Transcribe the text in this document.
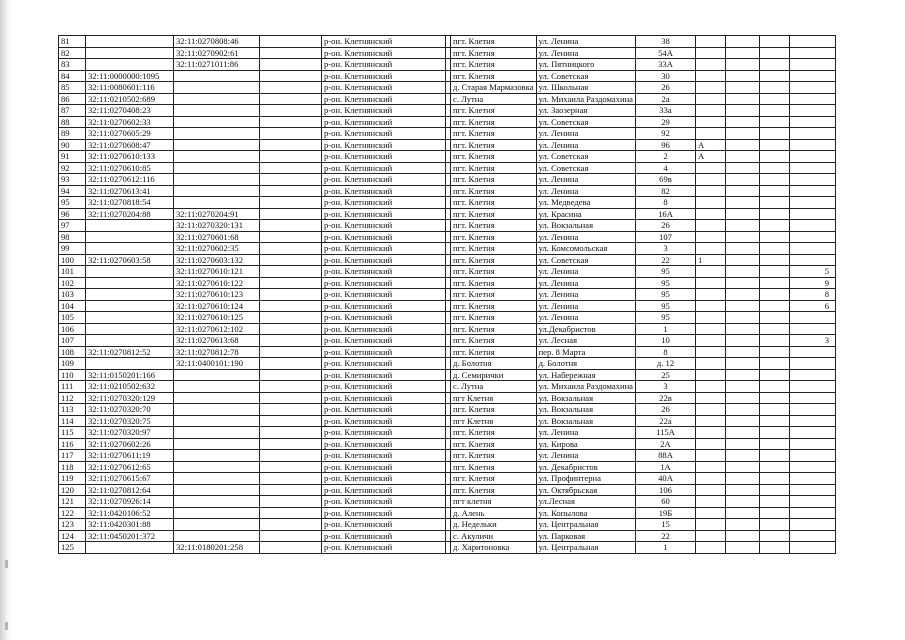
81		32:11:0270808:46		р-он. Клетнянский		пгт. Клетня	ул. Ленина	38				
82		32:11:0270902:61		р-он. Клетнянский		пгт. Клетня	ул. Ленина	54А				
83		32:11:0271011:86		р-он. Клетнянский		пгт. Клетня	ул. Пятницкого	33А				
84	32:11:0000000:1095			р-он. Клетнянский		пгт. Клетня	ул. Советская	30				
85	32:11:0080601:116			р-он. Клетнянский		д. Старая Мармазовка	ул. Школьная	26				
86	32:11:0210502:689			р-он. Клетнянский		с. Лутна	ул. Михаила Раздомахина	2а				
87	32:11:0270408:23			р-он. Клетнянский		пгт. Клетня	ул. Заозерная	33а				
88	32:11:0270602:33			р-он. Клетнянский		пгт. Клетня	ул. Советская	29				
89	32:11:0270605:29			р-он. Клетнянский		пгт. Клетня	ул. Ленина	92				
90	32:11:0270608:47			р-он. Клетнянский		пгт. Клетня	ул. Ленина	96	А			
91	32:11:0270610:133			р-он. Клетнянский		пгт. Клетня	ул. Советская	2	А			
92	32:11:0270610:85			р-он. Клетнянский		пгт. Клетня	ул. Советская	4				
93	32:11:0270612:116			р-он. Клетнянский		пгт. Клетня	ул. Ленина	69в				
94	32:11:0270613:41			р-он. Клетнянский		пгт. Клетня	ул. Ленина	82				
95	32:11:0270818:54			р-он. Клетнянский		пгт. Клетня	ул. Медведева	8				
96	32:11:0270204:88	32:11:0270204:91		р-он. Клетнянский		пгт. Клетня	ул. Красина	16А				
97		32:11:0270320:131		р-он. Клетнянский		пгт. Клетня	ул. Вокзальная	26				
98		32:11:0270601:68		р-он. Клетнянский		пгт. Клетня	ул. Ленина	107				
99		32:11:0270602:35		р-он. Клетнянский		пгт. Клетня	ул. Комсомольская	3				
100	32:11:0270603:58	32:11:0270603:132		р-он. Клетнянский		пгт. Клетня	ул. Советская	22	1			
101		32:11:0270610:121		р-он. Клетнянский		пгт. Клетня	ул. Ленина	95				5
102		32:11:0270610:122		р-он. Клетнянский		пгт. Клетня	ул. Ленина	95				9
103		32:11:0270610:123		р-он. Клетнянский		пгт. Клетня	ул. Ленина	95				8
104		32:11:0270610:124		р-он. Клетнянский		пгт. Клетня	ул. Ленина	95				6
105		32:11:0270610:125		р-он. Клетнянский		пгт. Клетня	ул. Ленина	95				
106		32:11:0270612:102		р-он. Клетнянский		пгт. Клетня	ул.Декабристов	1				
107		32:11:0270613:68		р-он. Клетнянский		пгт. Клетня	ул. Лесная	10				3
108	32:11:0270812:52	32:11:0270812:78		р-он. Клетнянский		пгт. Клетня	пер. 8 Марта	8				
109		32:11:0400101:190		р-он. Клетнянский		д. Болотня	д. Болотня	д. 12				
110	32:11:0150201:166			р-он. Клетнянский		д. Семирички	ул. Набережная	25				
111	32:11:0210502:632			р-он. Клетнянский		с. Лутна	ул. Михаила Раздомахина	3				
112	32:11:0270320:129			р-он. Клетнянский		пгт Клетня	ул. Вокзальная	22в				
113	32:11:0270320:70			р-он. Клетнянский		пгт. Клетня	ул. Вокзальная	26				
114	32:11:0270320:75			р-он. Клетнянский		пгт Клетня	ул. Вокзальная	22а				
115	32:11:0270320:97			р-он. Клетнянский		пгт. Клетня	ул. Ленина	115А				
116	32:11:0270602:26			р-он. Клетнянский		пгт. Клетня	ул. Кирова	2А				
117	32:11:0270611:19			р-он. Клетнянский		пгт. Клетня	ул. Ленина	88А				
118	32:11:0270612:65			р-он. Клетнянский		пгт. Клетня	ул. Декабристов	1А				
119	32:11:0270615:67			р-он. Клетнянский		пгт. Клетня	ул. Профинтерна	40А				
120	32:11:0270812:64			р-он. Клетнянский		пгт. Клетня	ул. Октябрьская	106				
121	32:11:0270926:14			р-он. Клетнянский		пгт клетня	ул.Лесная	60				
122	32:11:0420106:52			р-он. Клетнянский		д. Алень	ул. Копылова	19Б				
123	32:11:0420301:88			р-он. Клетнянский		д. Недельки	ул. Центральная	15				
124	32:11:0450201:372			р-он. Клетнянский		с. Акуличи	ул. Парковая	22				
125		32:11:0180201:258		р-он. Клетнянский		д. Харитоновка	ул. Центральная	1				
